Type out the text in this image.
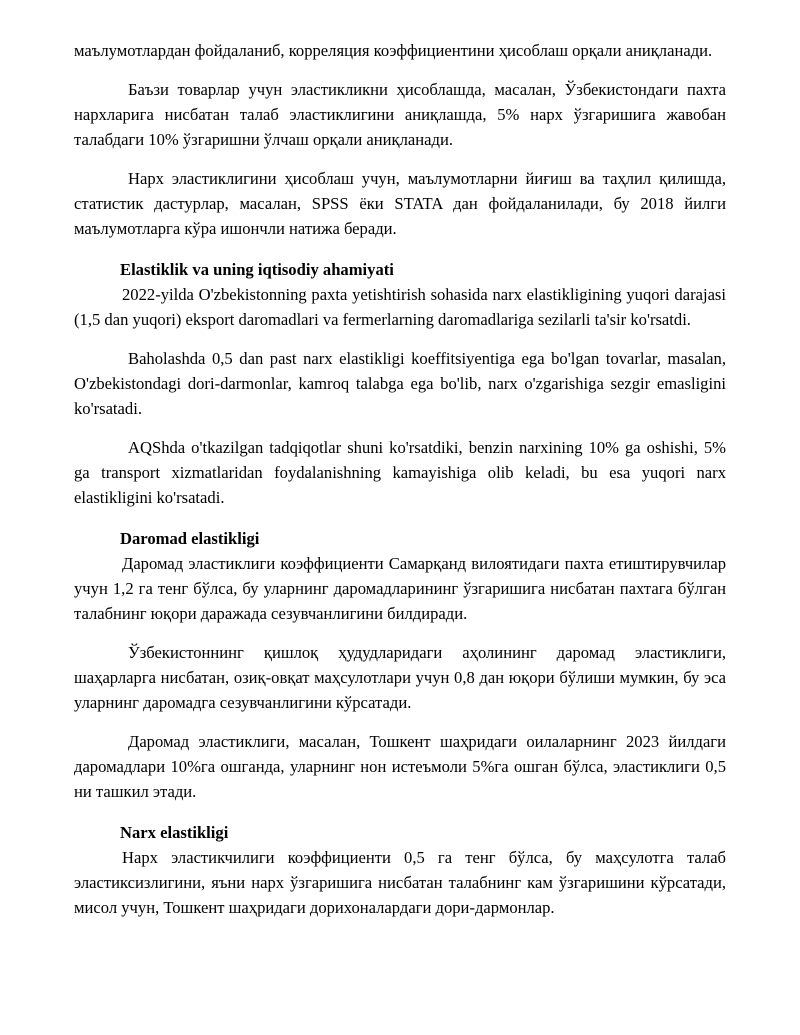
маълумотлардан фойдаланиб, корреляция коэффициентини ҳисоблаш орқали аниқланади.

Баъзи товарлар учун эластикликни ҳисоблашда, масалан, Ўзбекистондаги пахта нархларига нисбатан талаб эластиклигини аниқлашда, 5% нарх ўзгаришига жавобан талабдаги 10% ўзгаришни ўлчаш орқали аниқланади.

Нарх эластиклигини ҳисоблаш учун, маълумотларни йиғиш ва таҳлил қилишда, статистик дастурлар, масалан, SPSS ёки STATA дан фойдаланилади, бу 2018 йилги маълумотларга кўра ишончли натижа беради.

Elastiklik va uning iqtisodiy ahamiyati

2022-yilda O'zbekistonning paxta yetishtirish sohasida narx elastikligining yuqori darajasi (1,5 dan yuqori) eksport daromadlari va fermerlarning daromadlariga sezilarli ta'sir ko'rsatdi.

Baholashda 0,5 dan past narx elastikligi koeffitsiyentiga ega bo'lgan tovarlar, masalan, O'zbekistondagi dori-darmonlar, kamroq talabga ega bo'lib, narx o'zgarishiga sezgir emasligini ko'rsatadi.

AQShda o'tkazilgan tadqiqotlar shuni ko'rsatdiki, benzin narxining 10% ga oshishi, 5% ga transport xizmatlaridan foydalanishning kamayishiga olib keladi, bu esa yuqori narx elastikligini ko'rsatadi.

Daromad elastikligi

Даромад эластиклиги коэффициенти Самарқанд вилоятидаги пахта етиштирувчилар учун 1,2 га тенг бўлса, бу уларнинг даромадларининг ўзгаришига нисбатан пахтага бўлган талабнинг юқори даражада сезувчанлигини билдиради.

Ўзбекистоннинг қишлоқ ҳудудларидаги аҳолининг даромад эластиклиги, шаҳарларга нисбатан, озиқ-овқат маҳсулотлари учун 0,8 дан юқори бўлиши мумкин, бу эса уларнинг даромадга сезувчанлигини кўрсатади.

Даромад эластиклиги, масалан, Тошкент шаҳридаги оилаларнинг 2023 йилдаги даромадлари 10%га ошганда, уларнинг нон истеъмоли 5%га ошган бўлса, эластиклиги 0,5 ни ташкил этади.

Narx elastikligi

Нарх эластикчилиги коэффициенти 0,5 га тенг бўлса, бу маҳсулотга талаб эластиксизлигини, яъни нарх ўзгаришига нисбатан талабнинг кам ўзгаришини кўрсатади, мисол учун, Тошкент шаҳридаги дорихоналардаги дори-дармонлар.
